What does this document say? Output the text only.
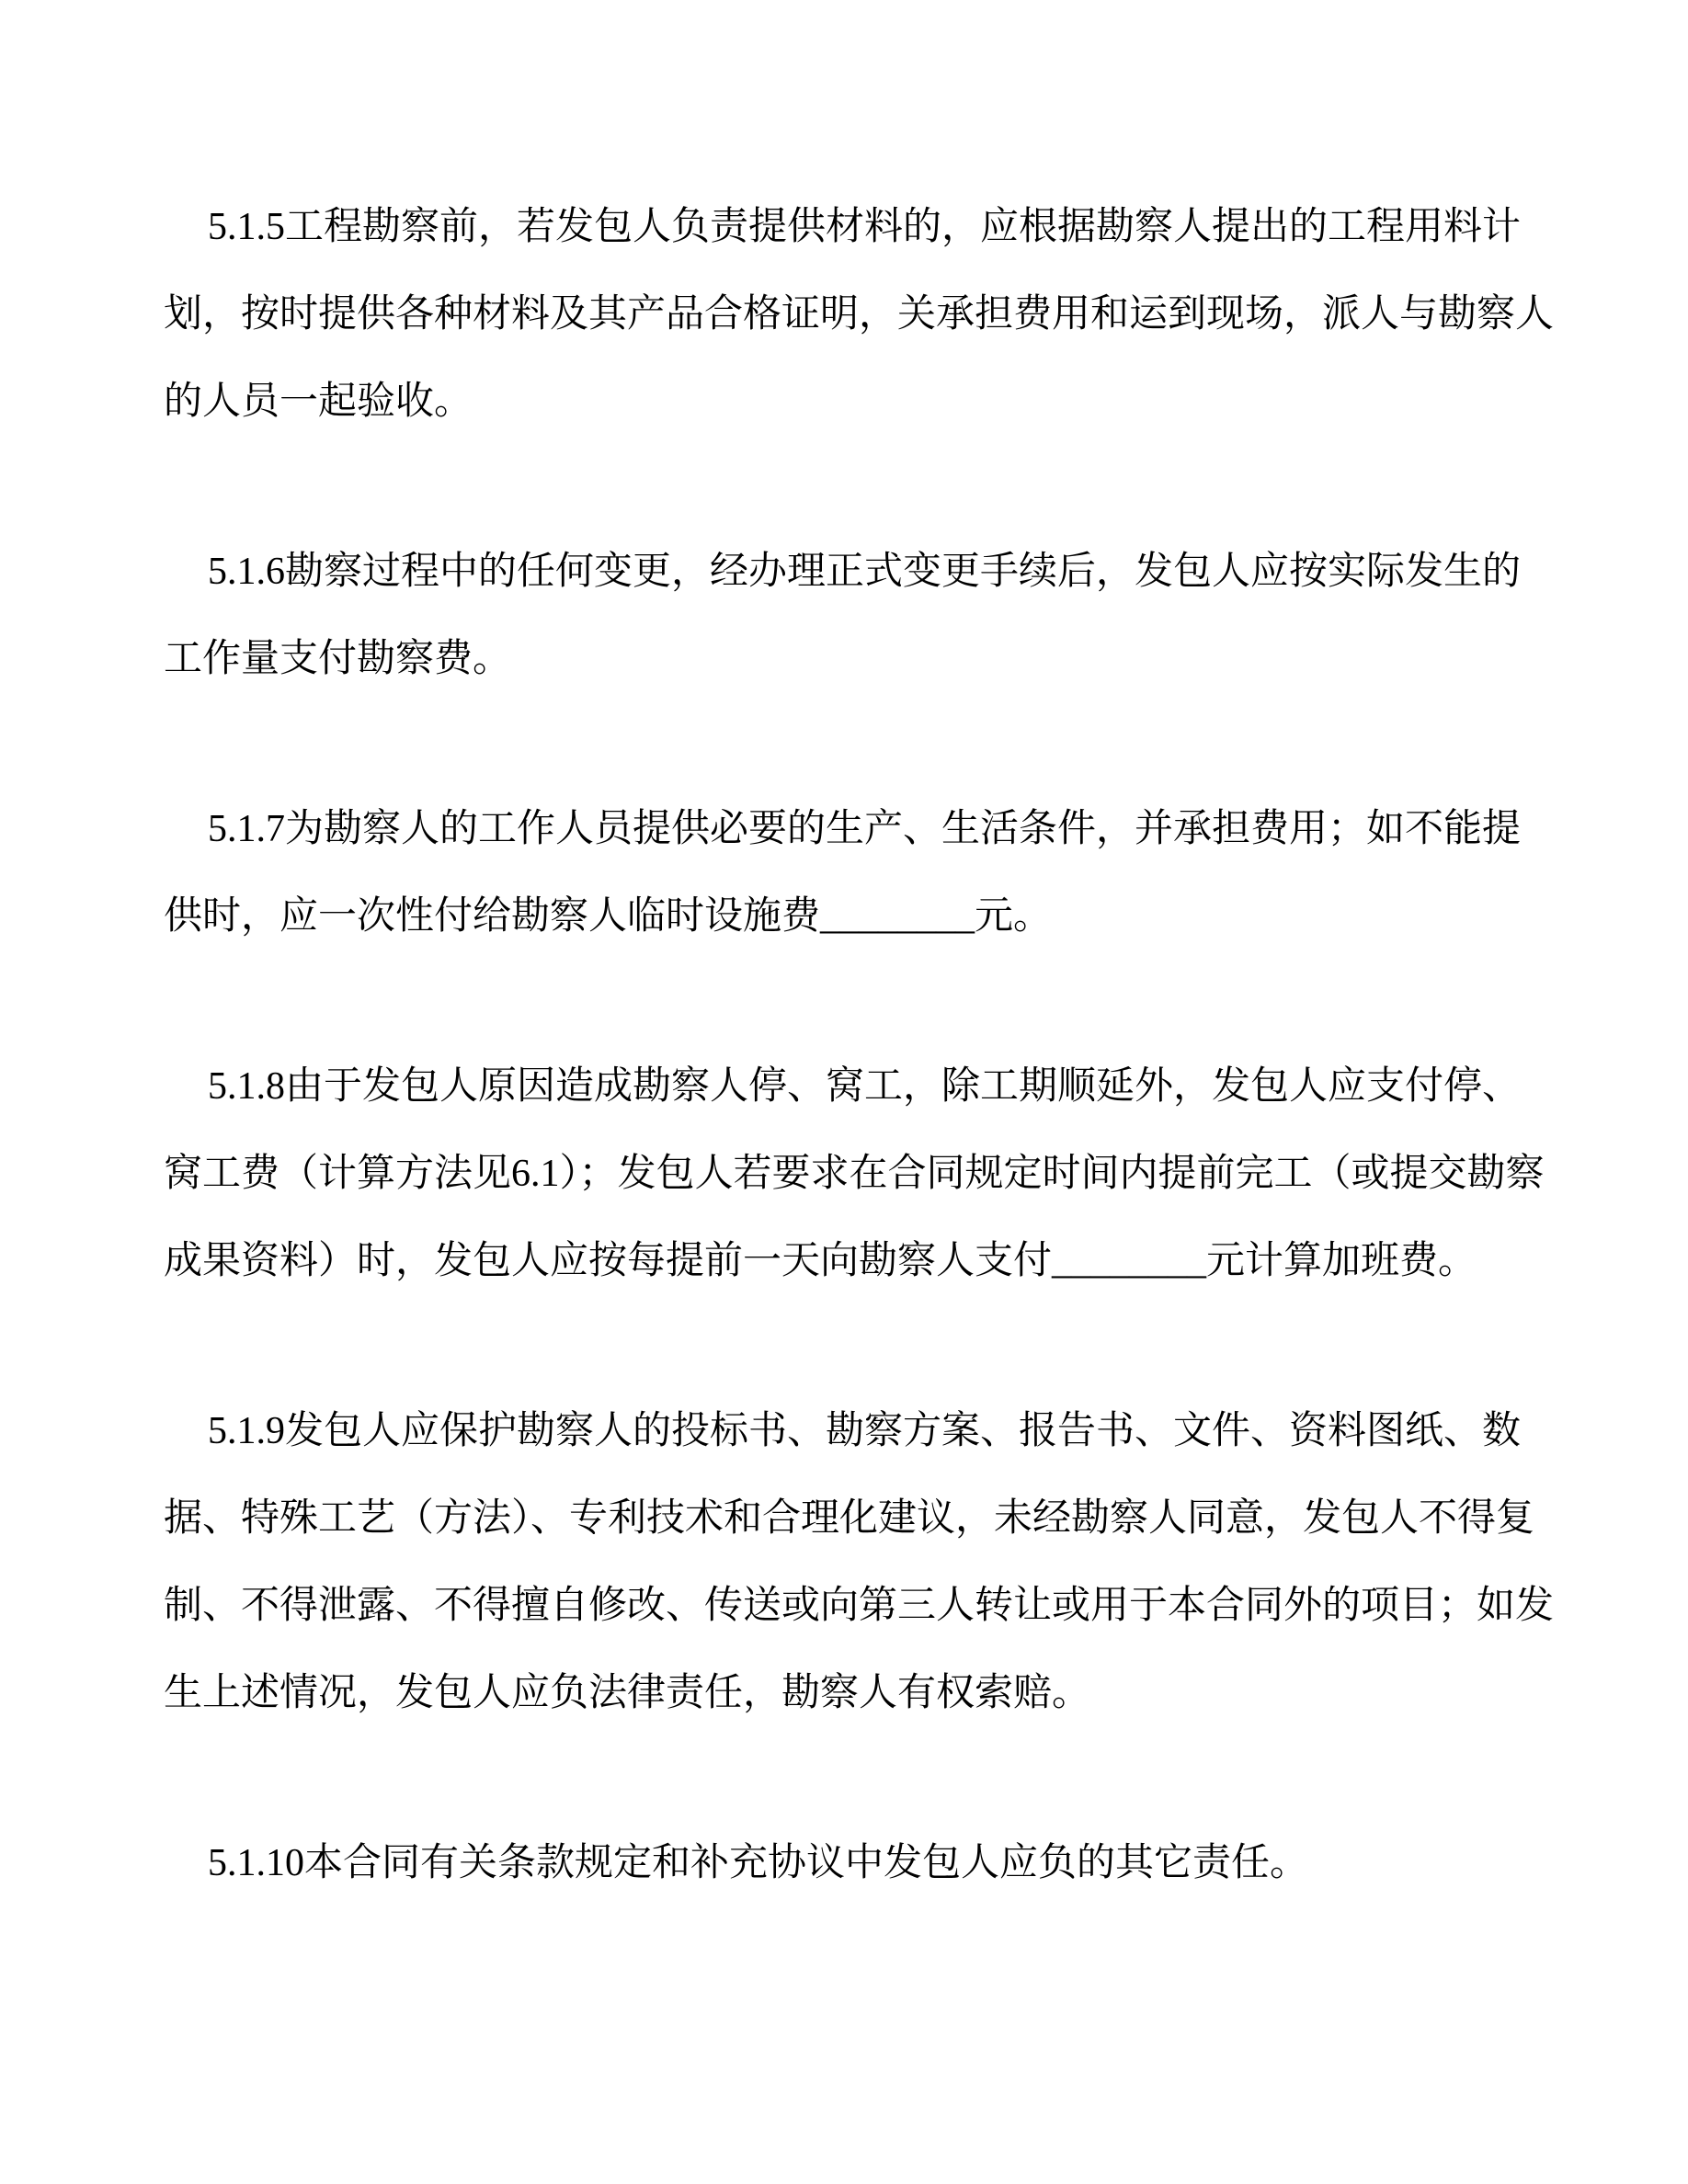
5.1.5工程勘察前，若发包人负责提供材料的，应根据勘察人提出的工程用料计
划，按时提供各种材料及其产品合格证明，关承担费用和运到现场，派人与勘察人
的人员一起验收。

5.1.6勘察过程中的任何变更，经办理正式变更手续后，发包人应按实际发生的
工作量支付勘察费。

5.1.7为勘察人的工作人员提供必要的生产、生活条件，并承担费用；如不能提
供时，应一次性付给勘察人临时设施费________元。

5.1.8由于发包人原因造成勘察人停、窝工，除工期顺延外，发包人应支付停、
窝工费（计算方法见6.1）；发包人若要求在合同规定时间内提前完工（或提交勘察
成果资料）时，发包人应按每提前一天向勘察人支付________元计算加班费。

5.1.9发包人应保护勘察人的投标书、勘察方案、报告书、文件、资料图纸、数
据、特殊工艺（方法）、专利技术和合理化建议，未经勘察人同意，发包人不得复
制、不得泄露、不得擅自修改、传送或向第三人转让或用于本合同外的项目；如发
生上述情况，发包人应负法律责任，勘察人有权索赔。

5.1.10本合同有关条款规定和补充协议中发包人应负的其它责任。
